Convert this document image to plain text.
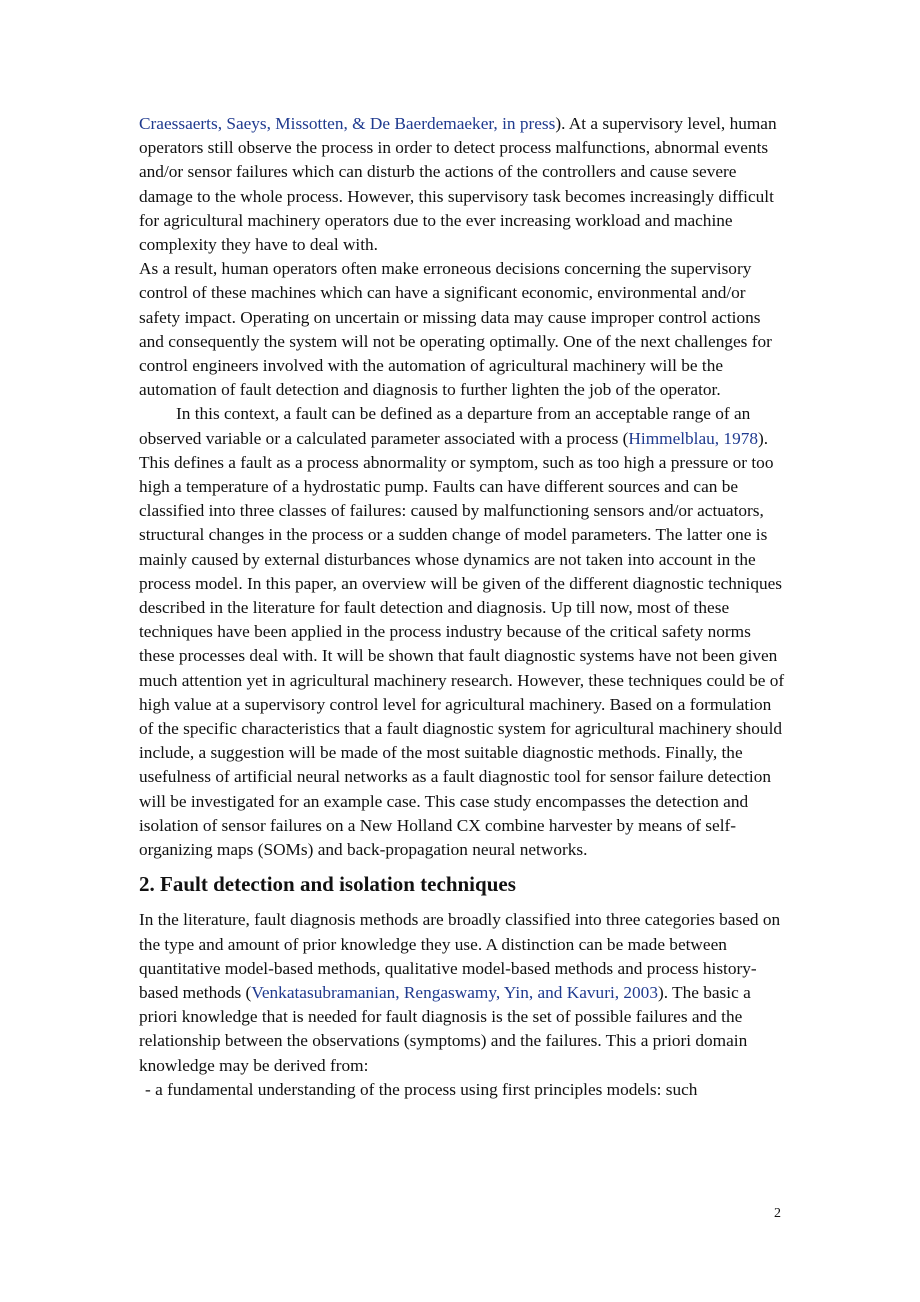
Craessaerts, Saeys, Missotten, & De Baerdemaeker, in press). At a supervisory level, human operators still observe the process in order to detect process malfunctions, abnormal events and/or sensor failures which can disturb the actions of the controllers and cause severe damage to the whole process. However, this supervisory task becomes increasingly difficult for agricultural machinery operators due to the ever increasing workload and machine complexity they have to deal with.

As a result, human operators often make erroneous decisions concerning the supervisory control of these machines which can have a significant economic, environmental and/or safety impact. Operating on uncertain or missing data may cause improper control actions and consequently the system will not be operating optimally. One of the next challenges for control engineers involved with the automation of agricultural machinery will be the automation of fault detection and diagnosis to further lighten the job of the operator.

In this context, a fault can be defined as a departure from an acceptable range of an observed variable or a calculated parameter associated with a process (Himmelblau, 1978). This defines a fault as a process abnormality or symptom, such as too high a pressure or too high a temperature of a hydrostatic pump. Faults can have different sources and can be classified into three classes of failures: caused by malfunctioning sensors and/or actuators, structural changes in the process or a sudden change of model parameters. The latter one is mainly caused by external disturbances whose dynamics are not taken into account in the process model. In this paper, an overview will be given of the different diagnostic techniques described in the literature for fault detection and diagnosis. Up till now, most of these techniques have been applied in the process industry because of the critical safety norms these processes deal with. It will be shown that fault diagnostic systems have not been given much attention yet in agricultural machinery research. However, these techniques could be of high value at a supervisory control level for agricultural machinery. Based on a formulation of the specific characteristics that a fault diagnostic system for agricultural machinery should include, a suggestion will be made of the most suitable diagnostic methods. Finally, the usefulness of artificial neural networks as a fault diagnostic tool for sensor failure detection will be investigated for an example case. This case study encompasses the detection and isolation of sensor failures on a New Holland CX combine harvester by means of self-organizing maps (SOMs) and back-propagation neural networks.

2. Fault detection and isolation techniques

In the literature, fault diagnosis methods are broadly classified into three categories based on the type and amount of prior knowledge they use. A distinction can be made between quantitative model-based methods, qualitative model-based methods and process history-based methods (Venkatasubramanian, Rengaswamy, Yin, and Kavuri, 2003). The basic a priori knowledge that is needed for fault diagnosis is the set of possible failures and the relationship between the observations (symptoms) and the failures. This a priori domain knowledge may be derived from:

- a fundamental understanding of the process using first principles models: such

2
